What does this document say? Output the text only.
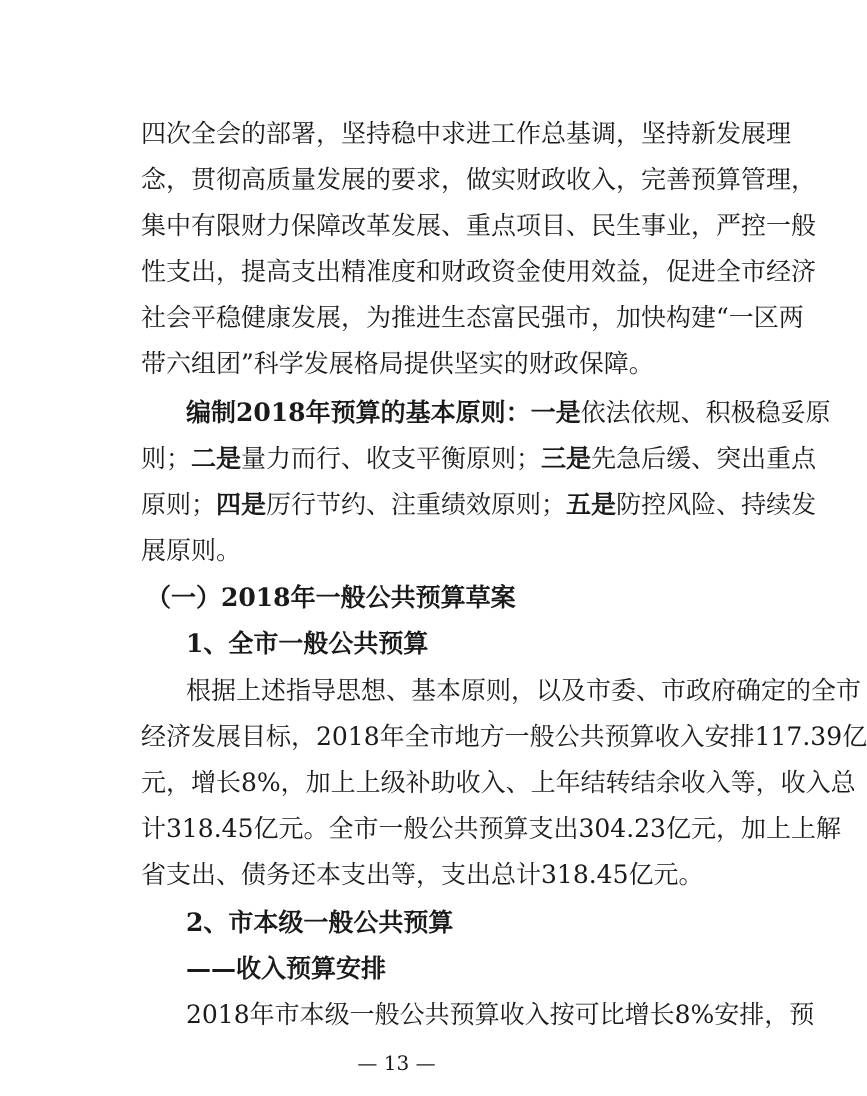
四次全会的部署，坚持稳中求进工作总基调，坚持新发展理
念，贯彻高质量发展的要求，做实财政收入，完善预算管理，
集中有限财力保障改革发展、重点项目、民生事业，严控一般
性支出，提高支出精准度和财政资金使用效益，促进全市经济
社会平稳健康发展，为推进生态富民强市，加快构建“一区两
带六组团”科学发展格局提供坚实的财政保障。
编制2018年预算的基本原则：一是依法依规、积极稳妥原
则；二是量力而行、收支平衡原则；三是先急后缓、突出重点
原则；四是厉行节约、注重绩效原则；五是防控风险、持续发
展原则。
（一）2018年一般公共预算草案
1、全市一般公共预算
根据上述指导思想、基本原则，以及市委、市政府确定的全市
经济发展目标，2018年全市地方一般公共预算收入安排117.39亿
元，增长8%，加上上级补助收入、上年结转结余收入等，收入总
计318.45亿元。全市一般公共预算支出304.23亿元，加上上解
省支出、债务还本支出等，支出总计318.45亿元。
2、市本级一般公共预算
——收入预算安排
2018年市本级一般公共预算收入按可比增长8%安排，预
— 13 —
